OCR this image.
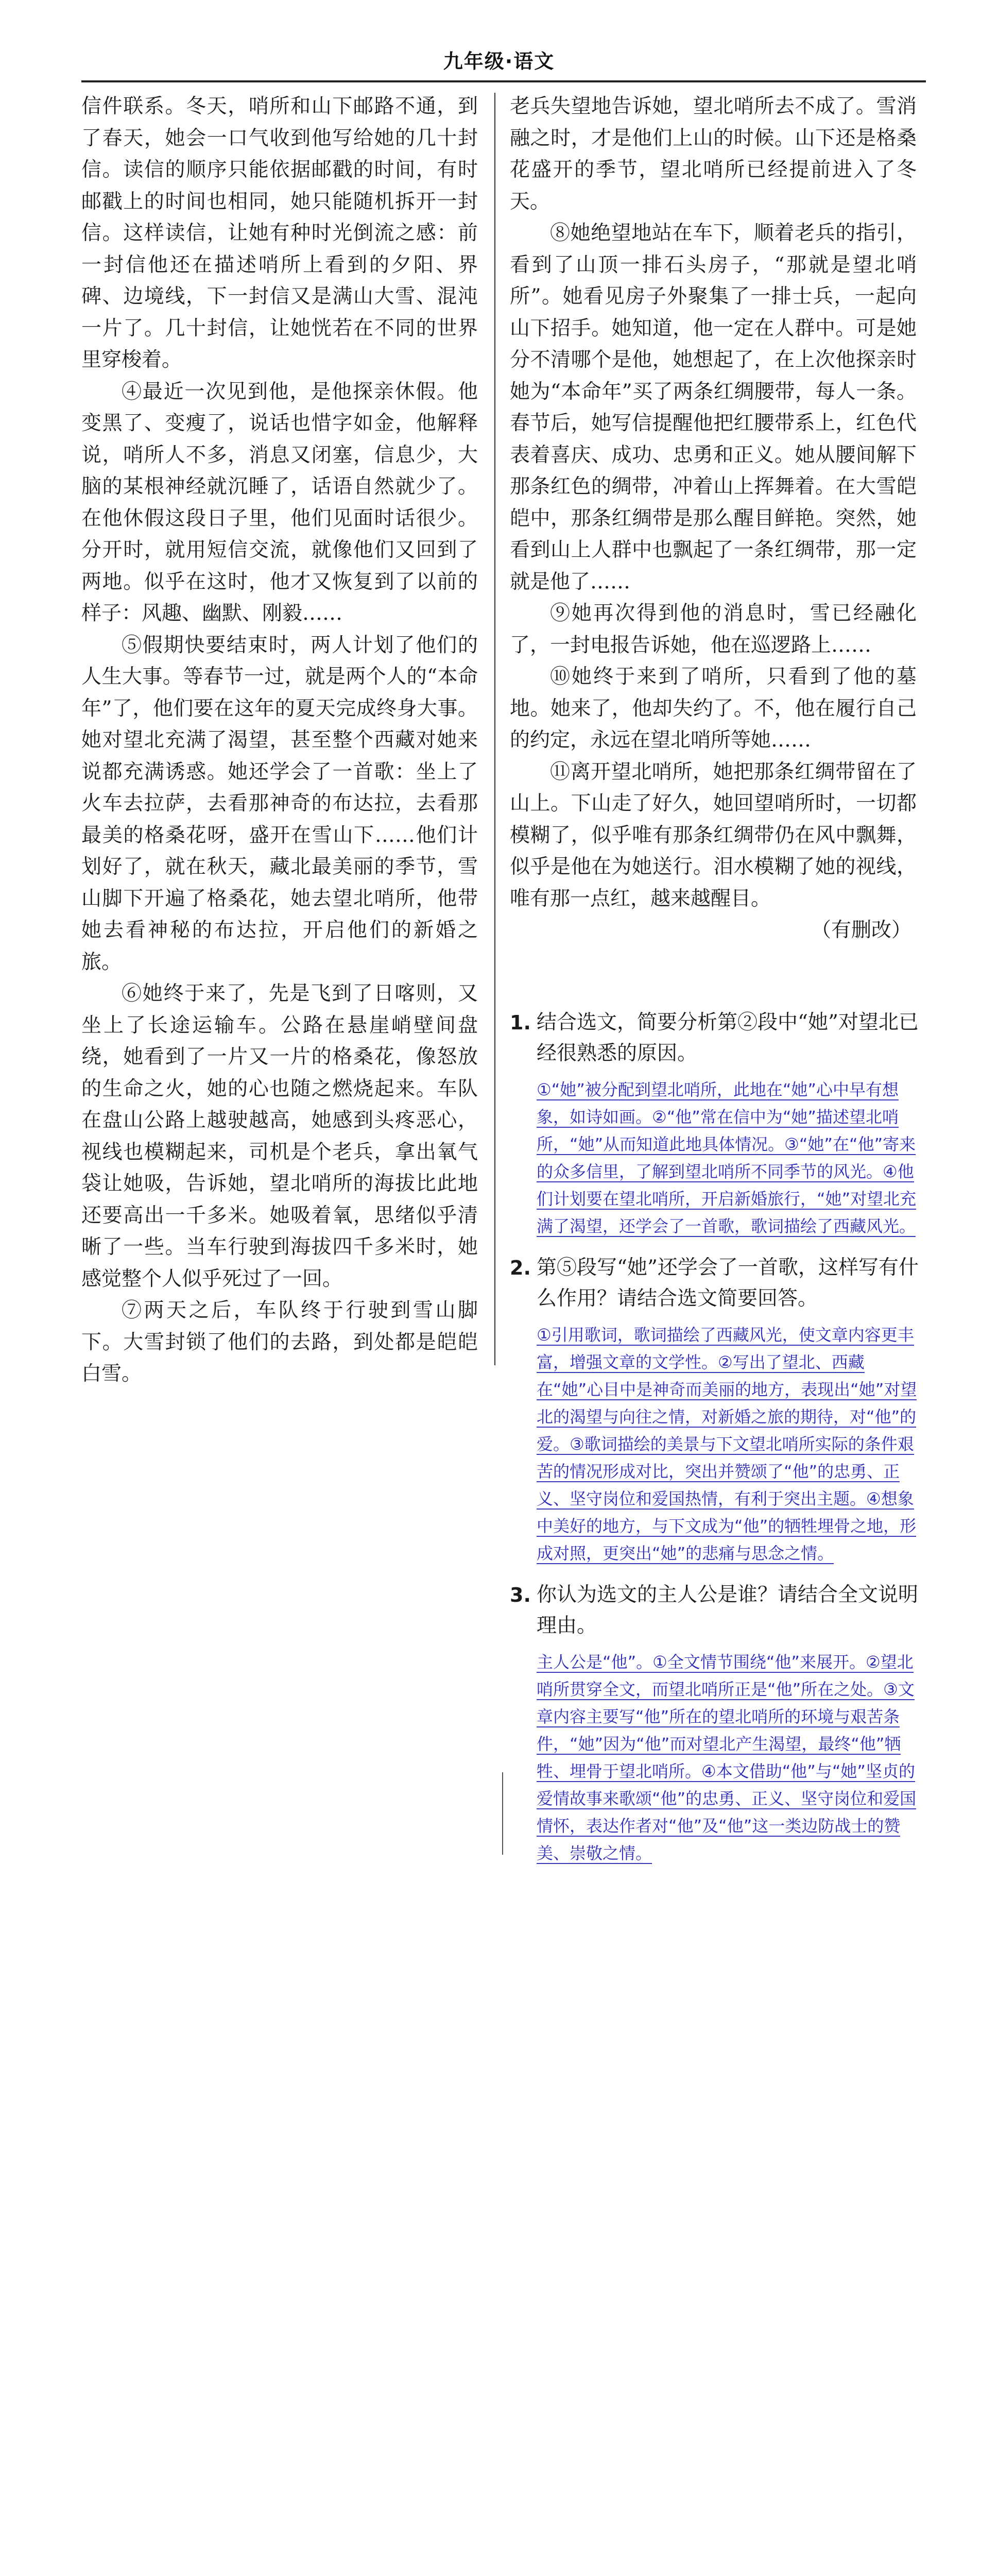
九年级·语文

信件联系。冬天，哨所和山下邮路不通，到了春天，她会一口气收到他写给她的几十封信。读信的顺序只能依据邮戳的时间，有时邮戳上的时间也相同，她只能随机拆开一封信。这样读信，让她有种时光倒流之感：前一封信他还在描述哨所上看到的夕阳、界碑、边境线，下一封信又是满山大雪、混沌一片了。几十封信，让她恍若在不同的世界里穿梭着。

④最近一次见到他，是他探亲休假。他变黑了、变瘦了，说话也惜字如金，他解释说，哨所人不多，消息又闭塞，信息少，大脑的某根神经就沉睡了，话语自然就少了。在他休假这段日子里，他们见面时话很少。分开时，就用短信交流，就像他们又回到了两地。似乎在这时，他才又恢复到了以前的样子：风趣、幽默、刚毅……

⑤假期快要结束时，两人计划了他们的人生大事。等春节一过，就是两个人的“本命年”了，他们要在这年的夏天完成终身大事。她对望北充满了渴望，甚至整个西藏对她来说都充满诱惑。她还学会了一首歌：坐上了火车去拉萨，去看那神奇的布达拉，去看那最美的格桑花呀，盛开在雪山下……他们计划好了，就在秋天，藏北最美丽的季节，雪山脚下开遍了格桑花，她去望北哨所，他带她去看神秘的布达拉，开启他们的新婚之旅。

⑥她终于来了，先是飞到了日喀则，又坐上了长途运输车。公路在悬崖峭壁间盘绕，她看到了一片又一片的格桑花，像怒放的生命之火，她的心也随之燃烧起来。车队在盘山公路上越驶越高，她感到头疼恶心，视线也模糊起来，司机是个老兵，拿出氧气袋让她吸，告诉她，望北哨所的海拔比此地还要高出一千多米。她吸着氧，思绪似乎清晰了一些。当车行驶到海拔四千多米时，她感觉整个人似乎死过了一回。

⑦两天之后，车队终于行驶到雪山脚下。大雪封锁了他们的去路，到处都是皑皑白雪。

老兵失望地告诉她，望北哨所去不成了。雪消融之时，才是他们上山的时候。山下还是格桑花盛开的季节，望北哨所已经提前进入了冬天。

⑧她绝望地站在车下，顺着老兵的指引，看到了山顶一排石头房子，“那就是望北哨所”。她看见房子外聚集了一排士兵，一起向山下招手。她知道，他一定在人群中。可是她分不清哪个是他，她想起了，在上次他探亲时她为“本命年”买了两条红绸腰带，每人一条。春节后，她写信提醒他把红腰带系上，红色代表着喜庆、成功、忠勇和正义。她从腰间解下那条红色的绸带，冲着山上挥舞着。在大雪皑皑中，那条红绸带是那么醒目鲜艳。突然，她看到山上人群中也飘起了一条红绸带，那一定就是他了……

⑨她再次得到他的消息时，雪已经融化了，一封电报告诉她，他在巡逻路上……

⑩她终于来到了哨所，只看到了他的墓地。她来了，他却失约了。不，他在履行自己的约定，永远在望北哨所等她……

⑪离开望北哨所，她把那条红绸带留在了山上。下山走了好久，她回望哨所时，一切都模糊了，似乎唯有那条红绸带仍在风中飘舞，似乎是他在为她送行。泪水模糊了她的视线，唯有那一点红，越来越醒目。

（有删改）

1. 结合选文，简要分析第②段中“她”对望北已经很熟悉的原因。
①“她”被分配到望北哨所，此地在“她”心中早有想象，如诗如画。②“他”常在信中为“她”描述望北哨所，“她”从而知道此地具体情况。③“她”在“他”寄来的众多信里，了解到望北哨所不同季节的风光。④他们计划要在望北哨所，开启新婚旅行，“她”对望北充满了渴望，还学会了一首歌，歌词描绘了西藏风光。
2. 第⑤段写“她”还学会了一首歌，这样写有什么作用？请结合选文简要回答。
①引用歌词，歌词描绘了西藏风光，使文章内容更丰富，增强文章的文学性。②写出了望北、西藏在“她”心目中是神奇而美丽的地方，表现出“她”对望北的渴望与向往之情，对新婚之旅的期待，对“他”的爱。③歌词描绘的美景与下文望北哨所实际的条件艰苦的情况形成对比，突出并赞颂了“他”的忠勇、正义、坚守岗位和爱国热情，有利于突出主题。④想象中美好的地方，与下文成为“他”的牺牲埋骨之地，形成对照，更突出“她”的悲痛与思念之情。
3. 你认为选文的主人公是谁？请结合全文说明理由。
主人公是“他”。①全文情节围绕“他”来展开。②望北哨所贯穿全文，而望北哨所正是“他”所在之处。③文章内容主要写“他”所在的望北哨所的环境与艰苦条件，“她”因为“他”而对望北产生渴望，最终“他”牺牲、埋骨于望北哨所。④本文借助“他”与“她”坚贞的爱情故事来歌颂“他”的忠勇、正义、坚守岗位和爱国情怀，表达作者对“他”及“他”这一类边防战士的赞美、崇敬之情。
